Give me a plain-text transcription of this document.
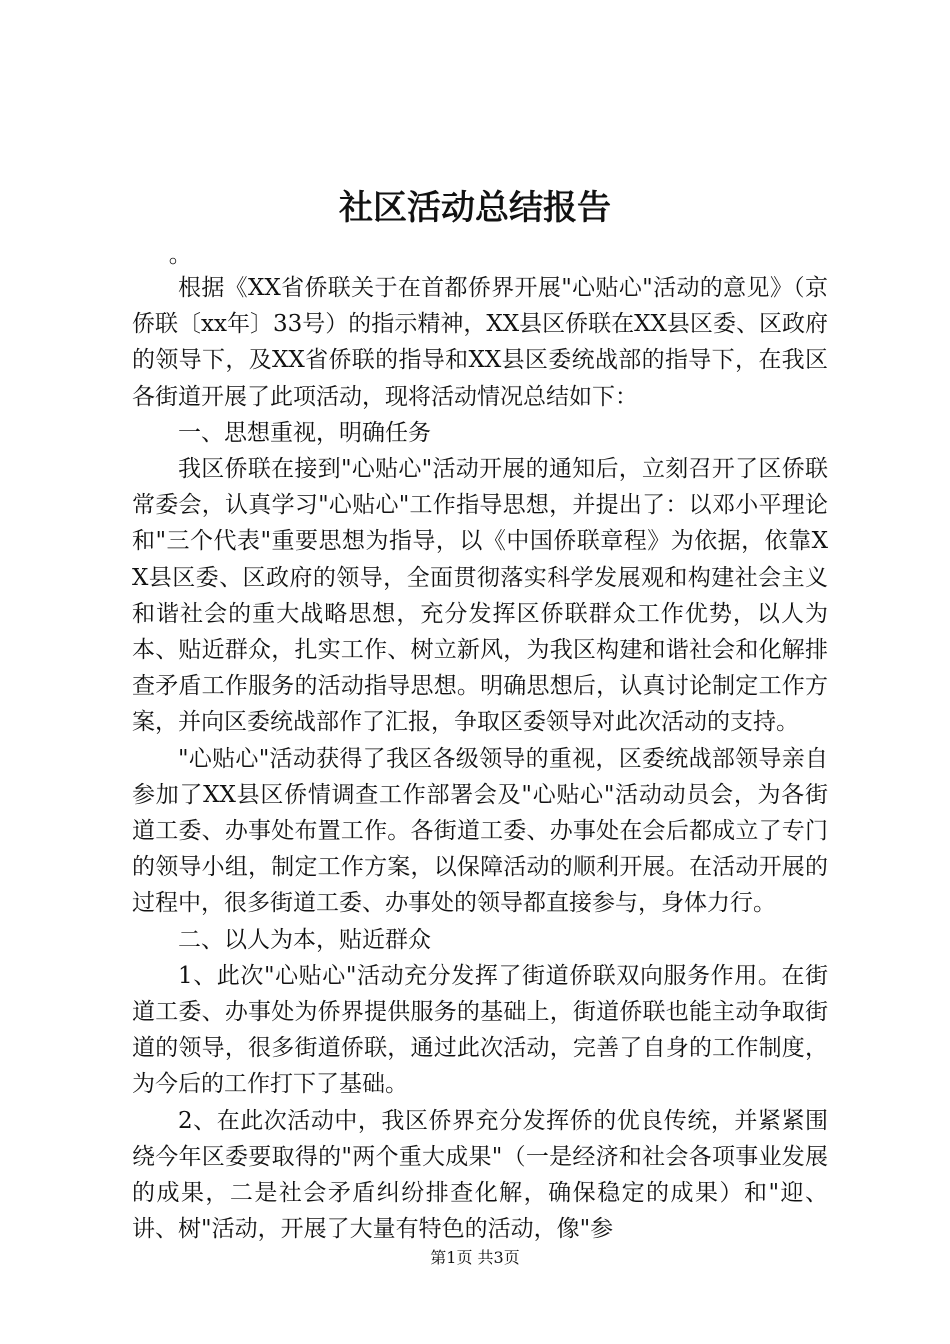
社区活动总结报告

。

根据《XX省侨联关于在首都侨界开展"心贴心"活动的意见》（京侨联〔xx年〕33号）的指示精神，XX县区侨联在XX县区委、区政府的领导下，及XX省侨联的指导和XX县区委统战部的指导下，在我区各街道开展了此项活动，现将活动情况总结如下：

一、思想重视，明确任务

我区侨联在接到"心贴心"活动开展的通知后，立刻召开了区侨联常委会，认真学习"心贴心"工作指导思想，并提出了：以邓小平理论和"三个代表"重要思想为指导，以《中国侨联章程》为依据，依靠XX县区委、区政府的领导，全面贯彻落实科学发展观和构建社会主义和谐社会的重大战略思想，充分发挥区侨联群众工作优势，以人为本、贴近群众，扎实工作、树立新风，为我区构建和谐社会和化解排查矛盾工作服务的活动指导思想。明确思想后，认真讨论制定工作方案，并向区委统战部作了汇报，争取区委领导对此次活动的支持。

"心贴心"活动获得了我区各级领导的重视，区委统战部领导亲自参加了XX县区侨情调查工作部署会及"心贴心"活动动员会，为各街道工委、办事处布置工作。各街道工委、办事处在会后都成立了专门的领导小组，制定工作方案，以保障活动的顺利开展。在活动开展的过程中，很多街道工委、办事处的领导都直接参与，身体力行。

二、以人为本，贴近群众

1、此次"心贴心"活动充分发挥了街道侨联双向服务作用。在街道工委、办事处为侨界提供服务的基础上，街道侨联也能主动争取街道的领导，很多街道侨联，通过此次活动，完善了自身的工作制度，为今后的工作打下了基础。

2、在此次活动中，我区侨界充分发挥侨的优良传统，并紧紧围绕今年区委要取得的"两个重大成果"（一是经济和社会各项事业发展的成果，二是社会矛盾纠纷排查化解，确保稳定的成果）和"迎、讲、树"活动，开展了大量有特色的活动，像"参

第1页 共3页
